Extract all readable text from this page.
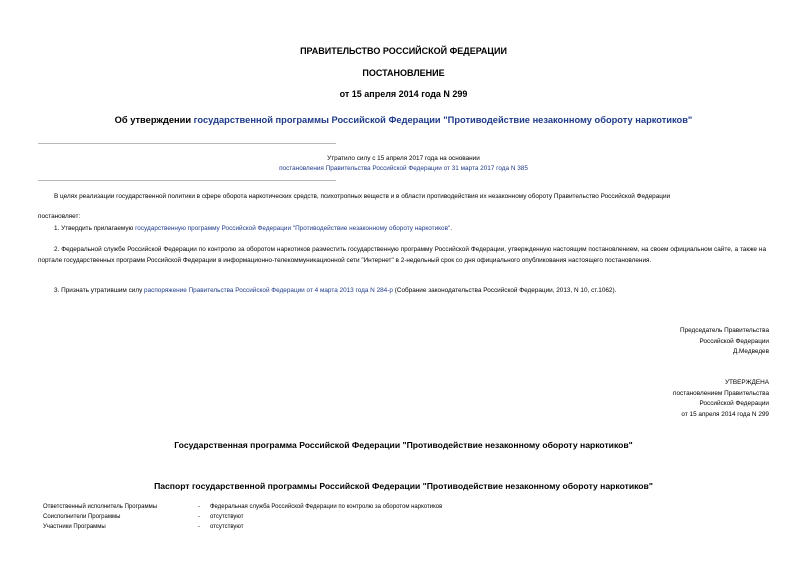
ПРАВИТЕЛЬСТВО РОССИЙСКОЙ ФЕДЕРАЦИИ
ПОСТАНОВЛЕНИЕ
от 15 апреля 2014 года N 299
Об утверждении государственной программы Российской Федерации "Противодействие незаконному обороту наркотиков"
Утратило силу с 15 апреля 2017 года на основании
постановления Правительства Российской Федерации от 31 марта 2017 года N 385
В целях реализации государственной политики в сфере оборота наркотических средств, психотропных веществ и в области противодействия их незаконному обороту Правительство Российской Федерации
постановляет:
1. Утвердить прилагаемую государственную программу Российской Федерации "Противодействие незаконному обороту наркотиков".
2. Федеральной службе Российской Федерации по контролю за оборотом наркотиков разместить государственную программу Российской Федерации, утвержденную настоящим постановлением, на своем официальном сайте, а также на портале государственных программ Российской Федерации в информационно-телекоммуникационной сети "Интернет" в 2-недельный срок со дня официального опубликования настоящего постановления.
3. Признать утратившим силу распоряжение Правительства Российской Федерации от 4 марта 2013 года N 284-р (Собрание законодательства Российской Федерации, 2013, N 10, ст.1062).
Председатель Правительства
Российской Федерации
Д.Медведев
УТВЕРЖДЕНА
постановлением Правительства
Российской Федерации
от 15 апреля 2014 года N 299
Государственная программа Российской Федерации "Противодействие незаконному обороту наркотиков"
Паспорт государственной программы Российской Федерации "Противодействие незаконному обороту наркотиков"
Ответственный исполнитель Программы	- Федеральная служба Российской Федерации по контролю за оборотом наркотиков
Соисполнители Программы	- отсутствуют
Участники Программы	- отсутствуют
